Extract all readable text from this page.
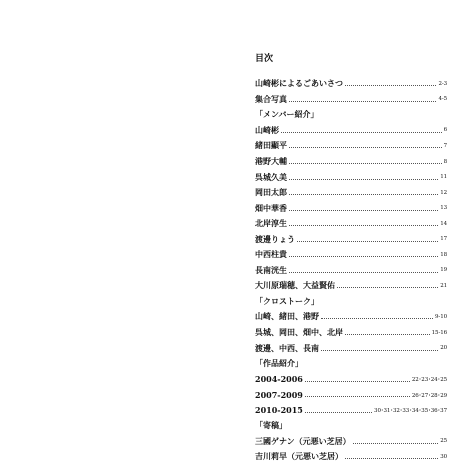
目次
山崎彬によるごあいさつ	2-3
集合写真	4-5
「メンバー紹介」
山崎彬	6
緒田顯平	7
港野大輔	8
呉城久美	11
岡田太郎	12
畑中華香	13
北岸淳生	14
渡邊りょう	17
中西柱貴	18
長南洸生	19
大川原瑞穂、大益賢佑	21
「クロストーク」
山崎、緒田、港野	9-10
呉城、岡田、畑中、北岸	15-16
渡邊、中西、長南	20
「作品紹介」
2004-2006	22･23･24･25
2007-2009	26･27･28･29
2010-2015	30･31･32･33･34･35･36･37
「寄稿」
三國ゲナン（元悪い芝居）	25
吉川莉早（元悪い芝居）	30
